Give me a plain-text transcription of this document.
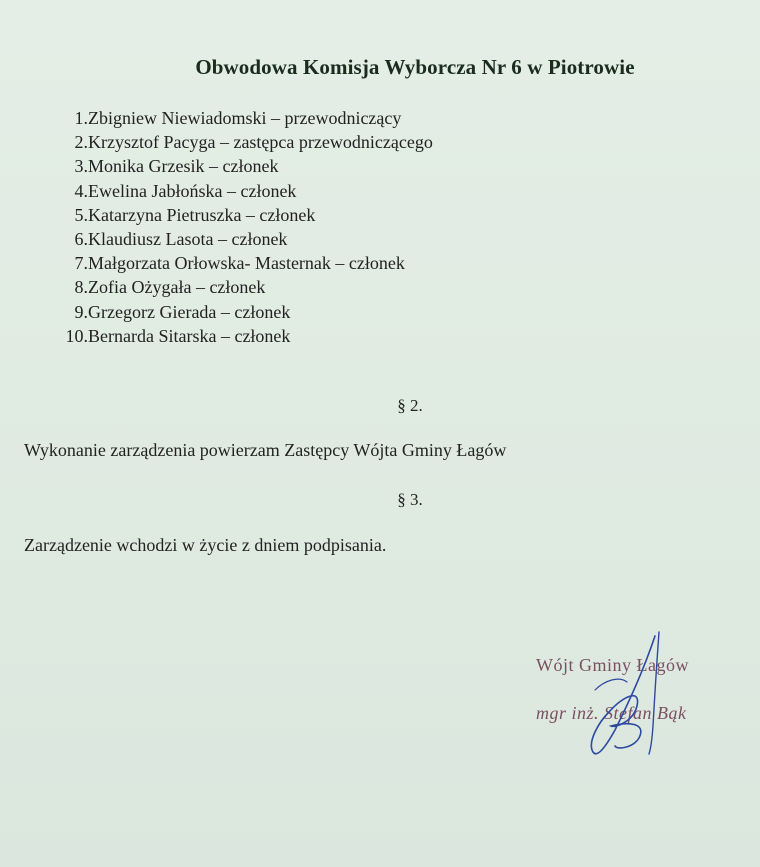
Obwodowa Komisja Wyborcza Nr 6 w Piotrowie
1. Zbigniew Niewiadomski – przewodniczący
2. Krzysztof Pacyga – zastępca przewodniczącego
3. Monika Grzesik – członek
4. Ewelina Jabłońska – członek
5. Katarzyna Pietruszka – członek
6. Klaudiusz Lasota – członek
7. Małgorzata Orłowska- Masternak – członek
8. Zofia Ożygała – członek
9. Grzegorz Gierada – członek
10. Bernarda Sitarska – członek
§ 2.
Wykonanie zarządzenia powierzam Zastępcy Wójta Gminy Łagów
§ 3.
Zarządzenie wchodzi w życie z dniem podpisania.
Wójt Gminy Łagów
mgr inż. Stefan Bąk
